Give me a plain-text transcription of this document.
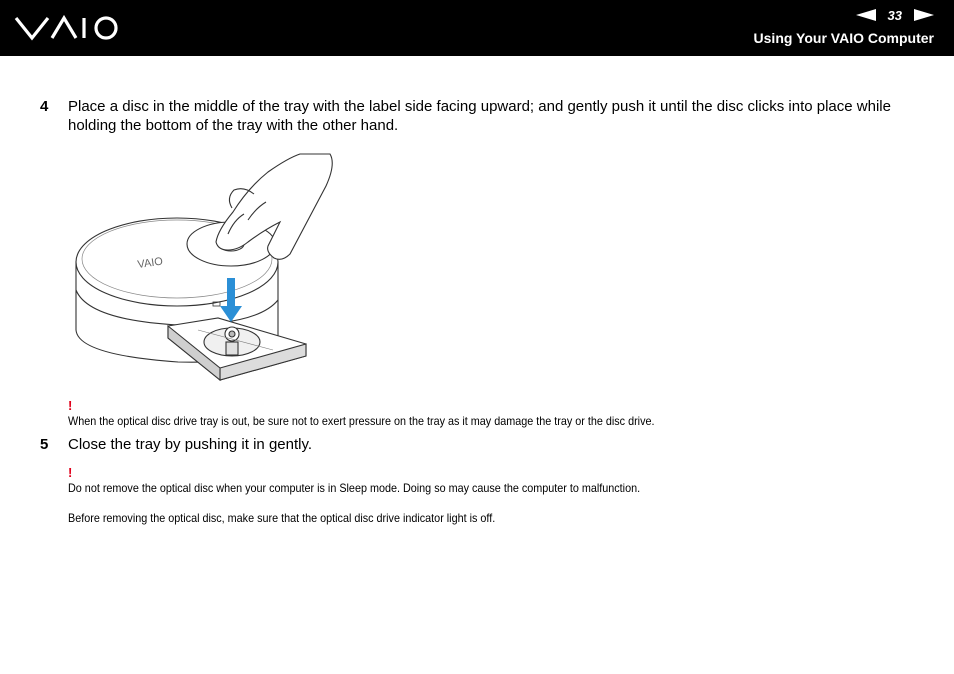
33
Using Your VAIO Computer
4	Place a disc in the middle of the tray with the label side facing upward; and gently push it until the disc clicks into place while holding the bottom of the tray with the other hand.
VAIO
!
When the optical disc drive tray is out, be sure not to exert pressure on the tray as it may damage the tray or the disc drive.
5	Close the tray by pushing it in gently.
!
Do not remove the optical disc when your computer is in Sleep mode. Doing so may cause the computer to malfunction.
Before removing the optical disc, make sure that the optical disc drive indicator light is off.
